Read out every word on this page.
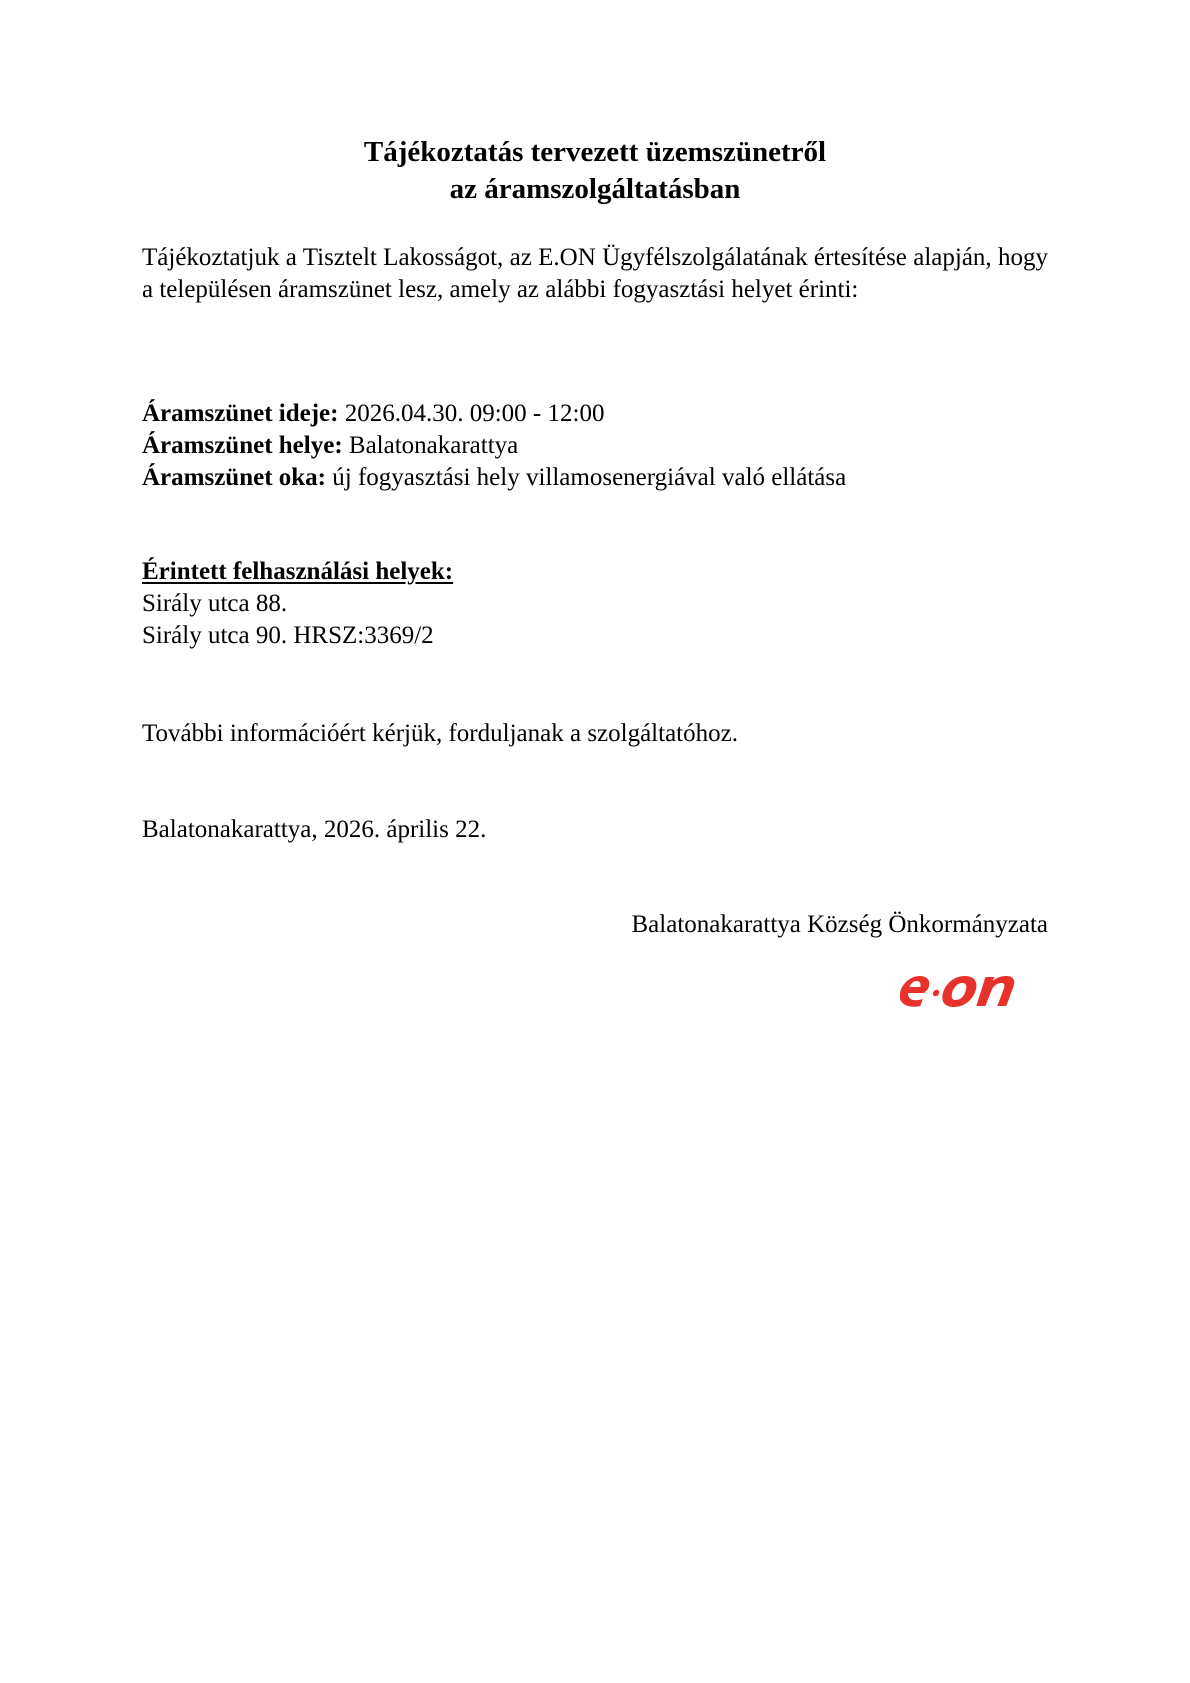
Tájékoztatás tervezett üzemszünetről
az áramszolgáltatásban
Tájékoztatjuk a Tisztelt Lakosságot, az E.ON Ügyfélszolgálatának értesítése alapján, hogy a településen áramszünet lesz, amely az alábbi fogyasztási helyet érinti:
Áramszünet ideje: 2026.04.30. 09:00 - 12:00
Áramszünet helye: Balatonakarattya
Áramszünet oka: új fogyasztási hely villamosenergiával való ellátása
Érintett felhasználási helyek:
Sirály utca 88.
Sirály utca 90. HRSZ:3369/2
További információért kérjük, forduljanak a szolgáltatóhoz.
Balatonakarattya, 2026. április 22.
Balatonakarattya Község Önkormányzata
